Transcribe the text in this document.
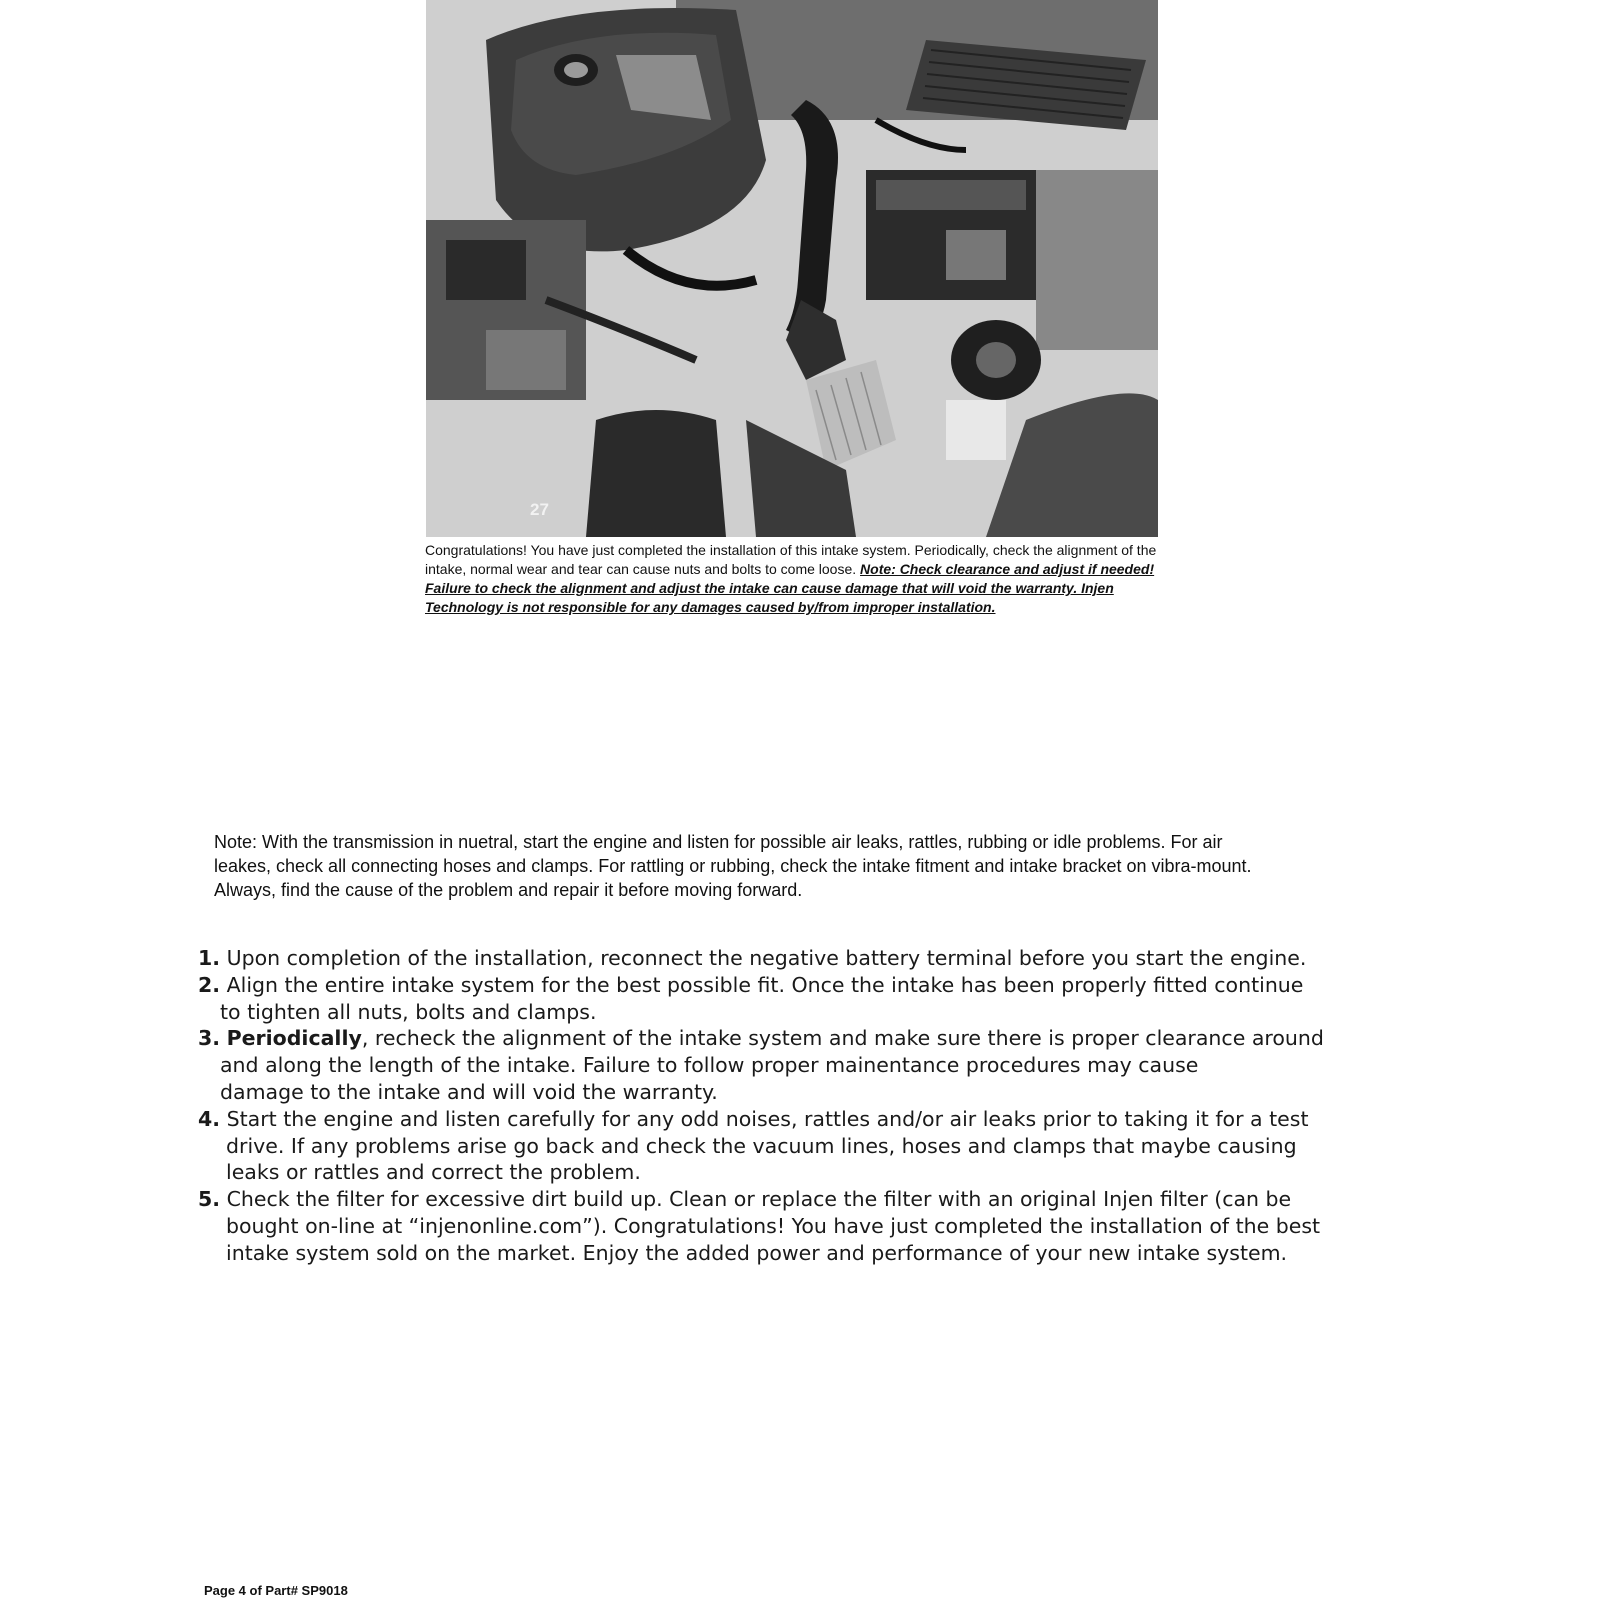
27
Congratulations! You have just completed the installation of this intake system. Periodically, check the alignment of the intake, normal wear and tear can cause nuts and bolts to come loose. Note: Check clearance and adjust if needed! Failure to check the alignment and adjust the intake can cause damage that will void the warranty. Injen Technology is not responsible for any damages caused by/from improper installation.
Note: With the transmission in nuetral, start the engine and listen for possible air leaks, rattles, rubbing or idle problems. For air
leakes, check all connecting hoses and clamps. For rattling or rubbing, check the intake fitment and intake bracket on vibra-mount.
Always, find the cause of the problem and repair it before moving forward.
1. Upon completion of the installation, reconnect the negative battery terminal before you start the engine.
2. Align the entire intake system for the best possible fit. Once the intake has been properly fitted continue
to tighten all nuts, bolts and clamps.
3. Periodically, recheck the alignment of the intake system and make sure there is proper clearance around
and along the length of the intake. Failure to follow proper mainentance procedures may cause
damage to the intake and will void the warranty.
4. Start the engine and listen carefully for any odd noises, rattles and/or air leaks prior to taking it for a test
drive. If any problems arise go back and check the vacuum lines, hoses and clamps that maybe causing
leaks or rattles and correct the problem.
5. Check the filter for excessive dirt build up. Clean or replace the filter with an original Injen filter (can be
bought on-line at “injenonline.com”). Congratulations! You have just completed the installation of the best
intake system sold on the market. Enjoy the added power and performance of your new intake system.
Page 4 of Part# SP9018
